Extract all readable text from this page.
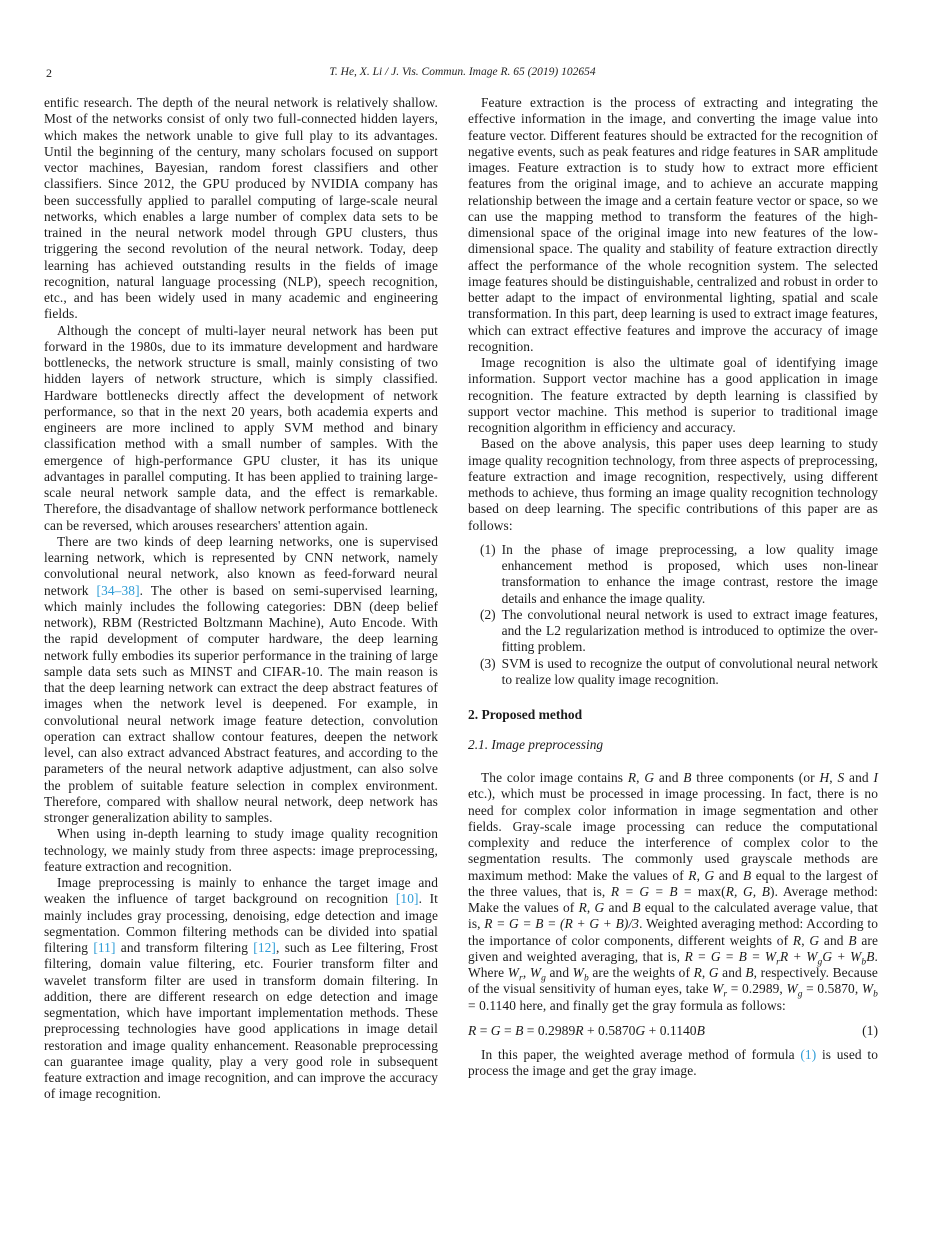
2	T. He, X. Li / J. Vis. Commun. Image R. 65 (2019) 102654

entific research. The depth of the neural network is relatively shallow. Most of the networks consist of only two full-connected hidden layers, which makes the network unable to give full play to its advantages. Until the beginning of the century, many scholars focused on support vector machines, Bayesian, random forest classifiers and other classifiers. Since 2012, the GPU produced by NVIDIA company has been successfully applied to parallel computing of large-scale neural networks, which enables a large number of complex data sets to be trained in the neural network model through GPU clusters, thus triggering the second revolution of the neural network. Today, deep learning has achieved outstanding results in the fields of image recognition, natural language processing (NLP), speech recognition, etc., and has been widely used in many academic and engineering fields.

Although the concept of multi-layer neural network has been put forward in the 1980s, due to its immature development and hardware bottlenecks, the network structure is small, mainly consisting of two hidden layers of network structure, which is simply classified. Hardware bottlenecks directly affect the development of network performance, so that in the next 20 years, both academia experts and engineers are more inclined to apply SVM method and binary classification method with a small number of samples. With the emergence of high-performance GPU cluster, it has its unique advantages in parallel computing. It has been applied to training large-scale neural network sample data, and the effect is remarkable. Therefore, the disadvantage of shallow network performance bottleneck can be reversed, which arouses researchers' attention again.

There are two kinds of deep learning networks, one is supervised learning network, which is represented by CNN network, namely convolutional neural network, also known as feed-forward neural network [34–38]. The other is based on semi-supervised learning, which mainly includes the following categories: DBN (deep belief network), RBM (Restricted Boltzmann Machine), Auto Encode. With the rapid development of computer hardware, the deep learning network fully embodies its superior performance in the training of large sample data sets such as MINST and CIFAR-10. The main reason is that the deep learning network can extract the deep abstract features of images when the network level is deepened. For example, in convolutional neural network image feature detection, convolution operation can extract shallow contour features, deepen the network level, can also extract advanced Abstract features, and according to the parameters of the neural network adaptive adjustment, can also solve the problem of suitable feature selection in complex environment. Therefore, compared with shallow neural network, deep network has stronger generalization ability to samples.

When using in-depth learning to study image quality recognition technology, we mainly study from three aspects: image preprocessing, feature extraction and recognition.

Image preprocessing is mainly to enhance the target image and weaken the influence of target background on recognition [10]. It mainly includes gray processing, denoising, edge detection and image segmentation. Common filtering methods can be divided into spatial filtering [11] and transform filtering [12], such as Lee filtering, Frost filtering, domain value filtering, etc. Fourier transform filter and wavelet transform filter are used in transform domain filtering. In addition, there are different research on edge detection and image segmentation, which have important implementation methods. These preprocessing technologies have good applications in image detail restoration and image quality enhancement. Reasonable preprocessing can guarantee image quality, play a very good role in subsequent feature extraction and image recognition, and can improve the accuracy of image recognition.

Feature extraction is the process of extracting and integrating the effective information in the image, and converting the image value into feature vector. Different features should be extracted for the recognition of negative events, such as peak features and ridge features in SAR amplitude images. Feature extraction is to study how to extract more efficient features from the original image, and to achieve an accurate mapping relationship between the image and a certain feature vector or space, so we can use the mapping method to transform the features of the high-dimensional space of the original image into new features of the low-dimensional space. The quality and stability of feature extraction directly affect the performance of the whole recognition system. The selected image features should be distinguishable, centralized and robust in order to better adapt to the impact of environmental lighting, spatial and scale transformation. In this part, deep learning is used to extract image features, which can extract effective features and improve the accuracy of image recognition.

Image recognition is also the ultimate goal of identifying image information. Support vector machine has a good application in image recognition. The feature extracted by depth learning is classified by support vector machine. This method is superior to traditional image recognition algorithm in efficiency and accuracy.

Based on the above analysis, this paper uses deep learning to study image quality recognition technology, from three aspects of preprocessing, feature extraction and image recognition, respectively, using different methods to achieve, thus forming an image quality recognition technology based on deep learning. The specific contributions of this paper are as follows:

(1) In the phase of image preprocessing, a low quality image enhancement method is proposed, which uses non-linear transformation to enhance the image contrast, restore the image details and enhance the image quality.
(2) The convolutional neural network is used to extract image features, and the L2 regularization method is introduced to optimize the over-fitting problem.
(3) SVM is used to recognize the output of convolutional neural network to realize low quality image recognition.
2. Proposed method
2.1. Image preprocessing

The color image contains R, G and B three components (or H, S and I etc.), which must be processed in image processing. In fact, there is no need for complex color information in image segmentation and other fields. Gray-scale image processing can reduce the computational complexity and reduce the interference of complex color to the segmentation results. The commonly used grayscale methods are maximum method: Make the values of R, G and B equal to the largest of the three values, that is, R = G = B = max(R, G, B). Average method: Make the values of R, G and B equal to the calculated average value, that is, R = G = B = (R + G + B)/3. Weighted averaging method: According to the importance of color components, different weights of R, G and B are given and weighted averaging, that is, $R = G = B = W_rR + W_gG + W_bB$. Where $W_r$, $W_g$ and $W_b$ are the weights of R, G and B, respectively. Because of the visual sensitivity of human eyes, take $W_r = 0.2989$, $W_g = 0.5870$, $W_b = 0.1140$ here, and finally get the gray formula as follows:

R = G = B = 0.2989R + 0.5870G + 0.1140B	(1)

In this paper, the weighted average method of formula (1) is used to process the image and get the gray image.
